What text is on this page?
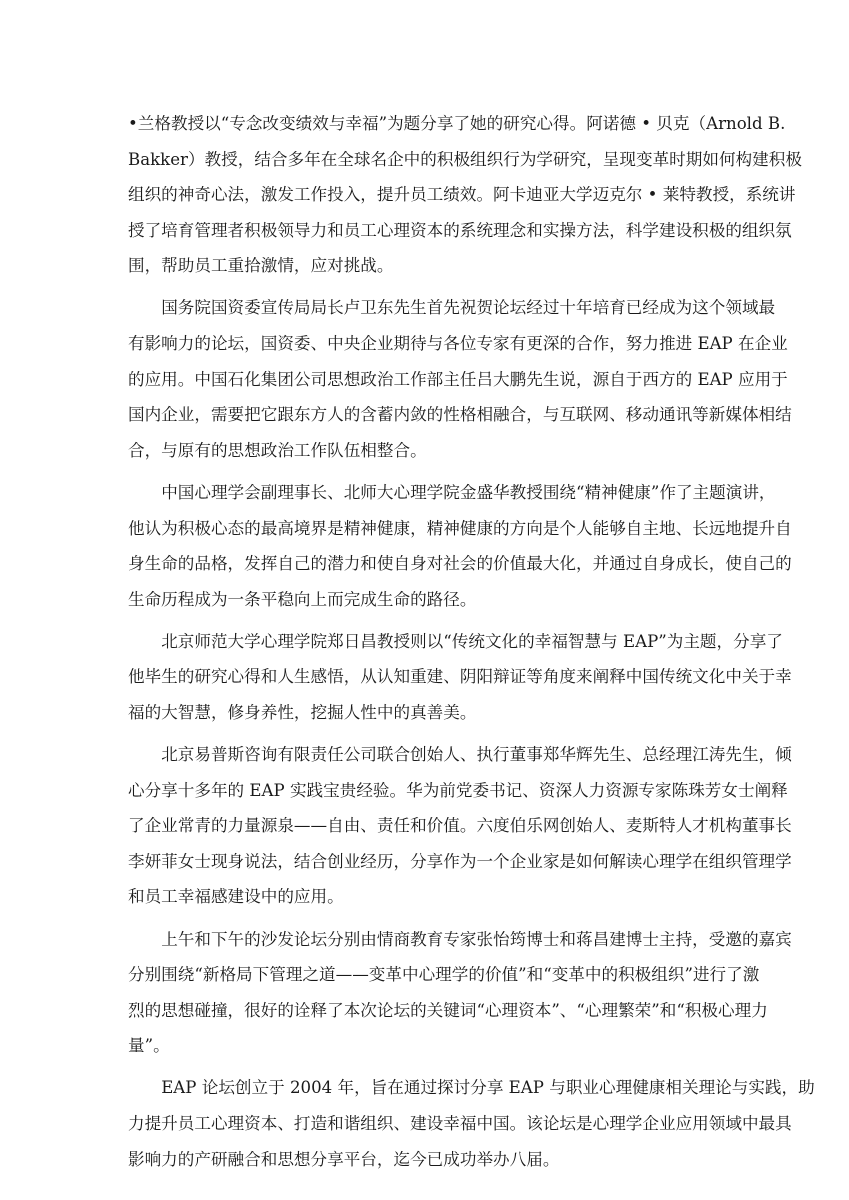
•兰格教授以“专念改变绩效与幸福”为题分享了她的研究心得。阿诺德 • 贝克（Arnold B.
Bakker）教授，结合多年在全球名企中的积极组织行为学研究，呈现变革时期如何构建积极
组织的神奇心法，激发工作投入，提升员工绩效。阿卡迪亚大学迈克尔 • 莱特教授，系统讲
授了培育管理者积极领导力和员工心理资本的系统理念和实操方法，科学建设积极的组织氛
围，帮助员工重拾激情，应对挑战。

国务院国资委宣传局局长卢卫东先生首先祝贺论坛经过十年培育已经成为这个领域最
有影响力的论坛，国资委、中央企业期待与各位专家有更深的合作，努力推进 EAP 在企业
的应用。中国石化集团公司思想政治工作部主任吕大鹏先生说，源自于西方的 EAP 应用于
国内企业，需要把它跟东方人的含蓄内敛的性格相融合，与互联网、移动通讯等新媒体相结
合，与原有的思想政治工作队伍相整合。

中国心理学会副理事长、北师大心理学院金盛华教授围绕“精神健康”作了主题演讲，
他认为积极心态的最高境界是精神健康，精神健康的方向是个人能够自主地、长远地提升自
身生命的品格，发挥自己的潜力和使自身对社会的价值最大化，并通过自身成长，使自己的
生命历程成为一条平稳向上而完成生命的路径。

北京师范大学心理学院郑日昌教授则以“传统文化的幸福智慧与 EAP”为主题，分享了
他毕生的研究心得和人生感悟，从认知重建、阴阳辩证等角度来阐释中国传统文化中关于幸
福的大智慧，修身养性，挖掘人性中的真善美。

北京易普斯咨询有限责任公司联合创始人、执行董事郑华辉先生、总经理江涛先生，倾
心分享十多年的 EAP 实践宝贵经验。华为前党委书记、资深人力资源专家陈珠芳女士阐释
了企业常青的力量源泉——自由、责任和价值。六度伯乐网创始人、麦斯特人才机构董事长
李妍菲女士现身说法，结合创业经历，分享作为一个企业家是如何解读心理学在组织管理学
和员工幸福感建设中的应用。

上午和下午的沙发论坛分别由情商教育专家张怡筠博士和蒋昌建博士主持，受邀的嘉宾
分别围绕“新格局下管理之道——变革中心理学的价值”和“变革中的积极组织”进行了激
烈的思想碰撞，很好的诠释了本次论坛的关键词“心理资本”、“心理繁荣”和“积极心理力
量”。

EAP 论坛创立于 2004 年，旨在通过探讨分享 EAP 与职业心理健康相关理论与实践，助
力提升员工心理资本、打造和谐组织、建设幸福中国。该论坛是心理学企业应用领域中最具
影响力的产研融合和思想分享平台，迄今已成功举办八届。
